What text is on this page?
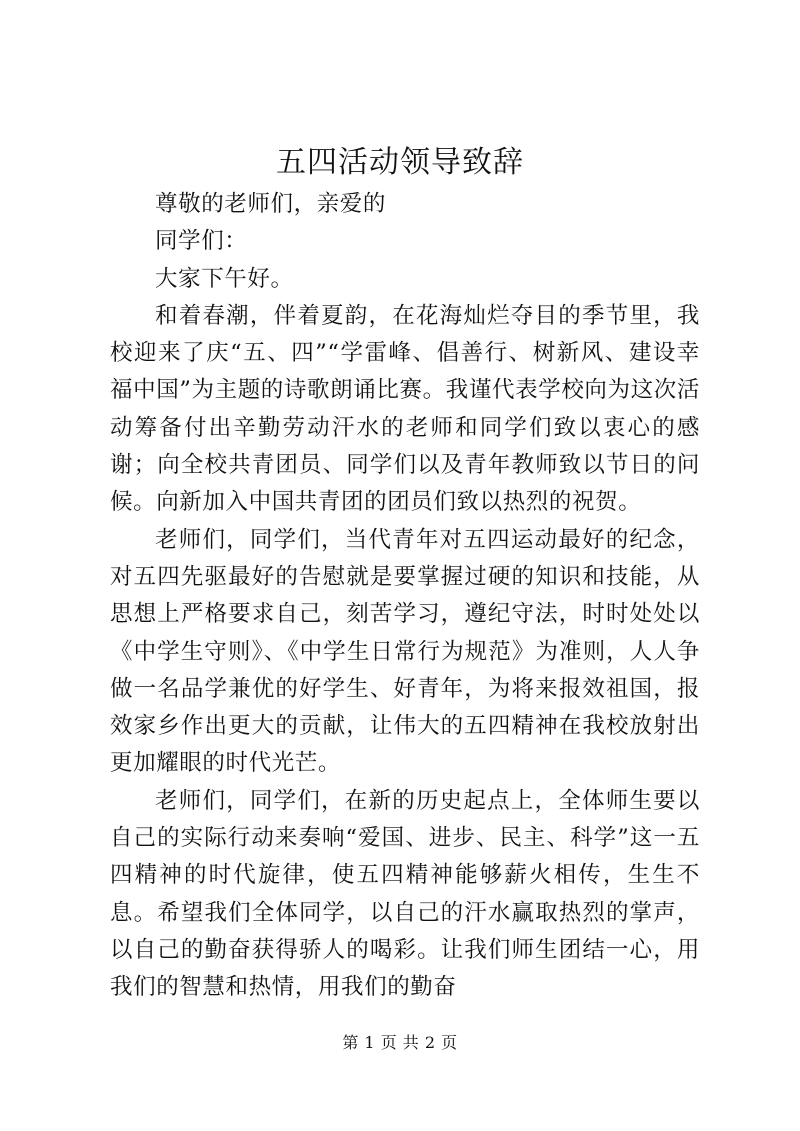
五四活动领导致辞

尊敬的老师们，亲爱的

同学们：

大家下午好。

和着春潮，伴着夏韵，在花海灿烂夺目的季节里，我校迎来了庆“五、四”“学雷峰、倡善行、树新风、建设幸福中国”为主题的诗歌朗诵比赛。我谨代表学校向为这次活动筹备付出辛勤劳动汗水的老师和同学们致以衷心的感谢；向全校共青团员、同学们以及青年教师致以节日的问候。向新加入中国共青团的团员们致以热烈的祝贺。

老师们，同学们，当代青年对五四运动最好的纪念，对五四先驱最好的告慰就是要掌握过硬的知识和技能，从思想上严格要求自己，刻苦学习，遵纪守法，时时处处以《中学生守则》、《中学生日常行为规范》为准则，人人争做一名品学兼优的好学生、好青年，为将来报效祖国，报效家乡作出更大的贡献，让伟大的五四精神在我校放射出更加耀眼的时代光芒。

老师们，同学们，在新的历史起点上，全体师生要以自己的实际行动来奏响“爱国、进步、民主、科学”这一五四精神的时代旋律，使五四精神能够薪火相传，生生不息。希望我们全体同学，以自己的汗水赢取热烈的掌声，以自己的勤奋获得骄人的喝彩。让我们师生团结一心，用我们的智慧和热情，用我们的勤奋

第 1 页 共 2 页
